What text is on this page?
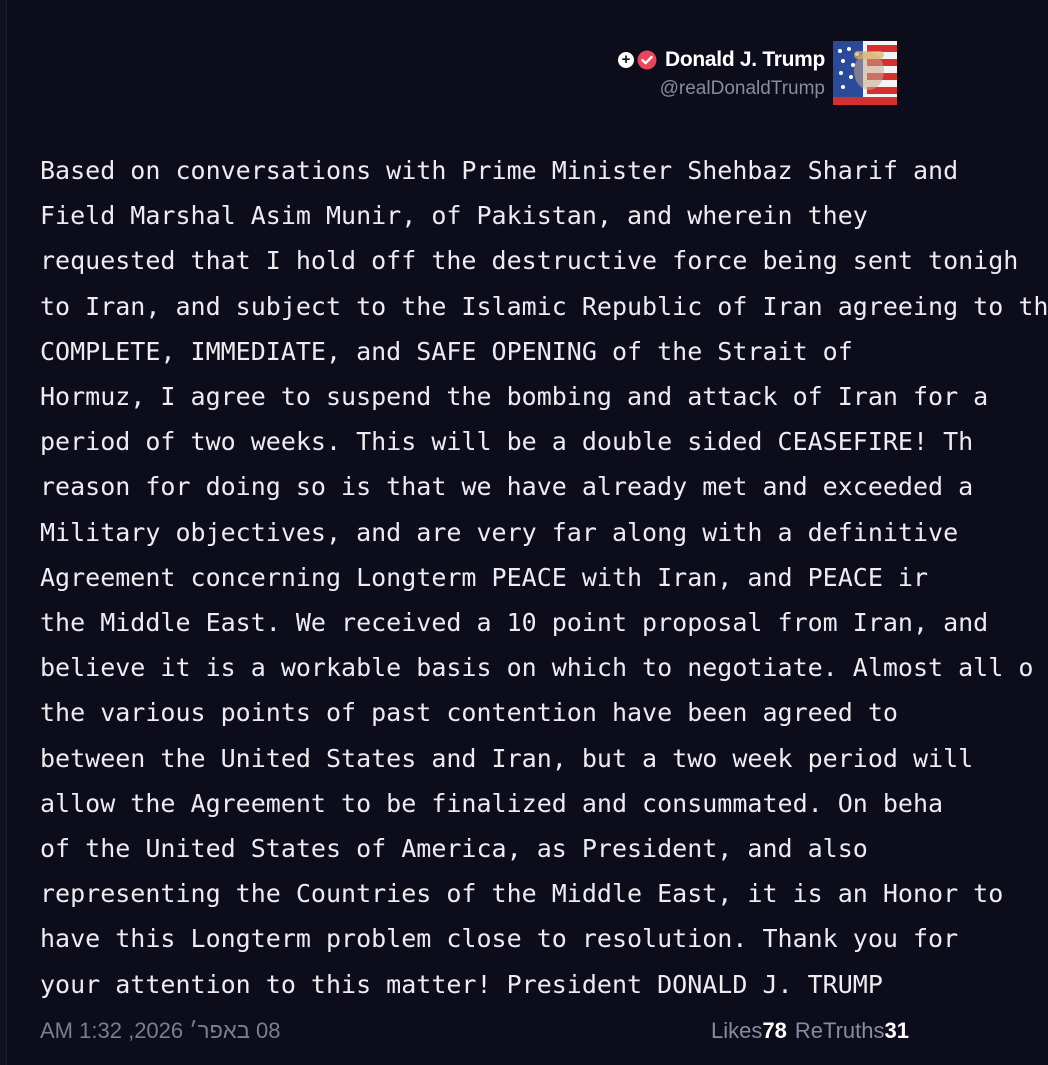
+ Donald J. Trump
@realDonaldTrump
Based on conversations with Prime Minister Shehbaz Sharif and
Field Marshal Asim Munir, of Pakistan, and wherein they
requested that I hold off the destructive force being sent tonigh
to Iran, and subject to the Islamic Republic of Iran agreeing to th
COMPLETE, IMMEDIATE, and SAFE OPENING of the Strait of
Hormuz, I agree to suspend the bombing and attack of Iran for a
period of two weeks. This will be a double sided CEASEFIRE! Th
reason for doing so is that we have already met and exceeded a
Military objectives, and are very far along with a definitive
Agreement concerning Longterm PEACE with Iran, and PEACE ir
the Middle East. We received a 10 point proposal from Iran, and
believe it is a workable basis on which to negotiate. Almost all o
the various points of past contention have been agreed to
between the United States and Iran, but a two week period will
allow the Agreement to be finalized and consummated. On beha
of the United States of America, as President, and also
representing the Countries of the Middle East, it is an Honor to
have this Longterm problem close to resolution. Thank you for
your attention to this matter! President DONALD J. TRUMP
08 באפר׳ 2026, 1:32 AM	Likes78 ReTruths31
